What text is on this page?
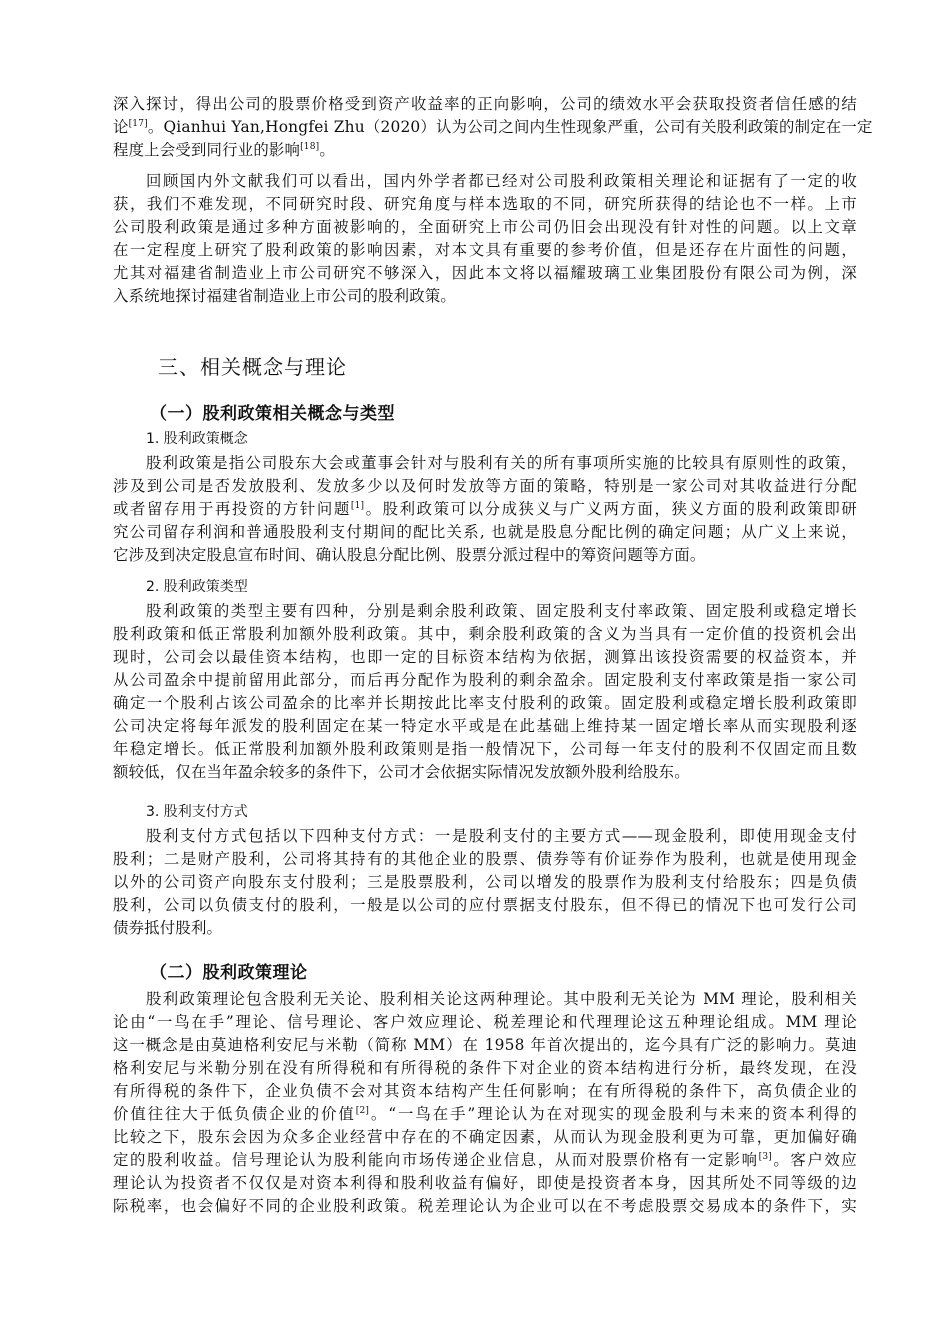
深入探讨，得出公司的股票价格受到资产收益率的正向影响，公司的绩效水平会获取投资者信任感的结
论[17]。Qianhui Yan,Hongfei Zhu（2020）认为公司之间内生性现象严重，公司有关股利政策的制定在一定
程度上会受到同行业的影响[18]。
回顾国内外文献我们可以看出，国内外学者都已经对公司股利政策相关理论和证据有了一定的收
获，我们不难发现，不同研究时段、研究角度与样本选取的不同，研究所获得的结论也不一样。上市
公司股利政策是通过多种方面被影响的，全面研究上市公司仍旧会出现没有针对性的问题。以上文章
在一定程度上研究了股利政策的影响因素，对本文具有重要的参考价值，但是还存在片面性的问题，
尤其对福建省制造业上市公司研究不够深入，因此本文将以福耀玻璃工业集团股份有限公司为例，深
入系统地探讨福建省制造业上市公司的股利政策。
三、相关概念与理论
（一）股利政策相关概念与类型
1. 股利政策概念
股利政策是指公司股东大会或董事会针对与股利有关的所有事项所实施的比较具有原则性的政策，
涉及到公司是否发放股利、发放多少以及何时发放等方面的策略，特别是一家公司对其收益进行分配
或者留存用于再投资的方针问题[1]。股利政策可以分成狭义与广义两方面，狭义方面的股利政策即研
究公司留存利润和普通股股利支付期间的配比关系, 也就是股息分配比例的确定问题；从广义上来说，
它涉及到决定股息宣布时间、确认股息分配比例、股票分派过程中的筹资问题等方面。
2. 股利政策类型
股利政策的类型主要有四种，分别是剩余股利政策、固定股利支付率政策、固定股利或稳定增长
股利政策和低正常股利加额外股利政策。其中，剩余股利政策的含义为当具有一定价值的投资机会出
现时，公司会以最佳资本结构，也即一定的目标资本结构为依据，测算出该投资需要的权益资本，并
从公司盈余中提前留用此部分，而后再分配作为股利的剩余盈余。固定股利支付率政策是指一家公司
确定一个股利占该公司盈余的比率并长期按此比率支付股利的政策。固定股利或稳定增长股利政策即
公司决定将每年派发的股利固定在某一特定水平或是在此基础上维持某一固定增长率从而实现股利逐
年稳定增长。低正常股利加额外股利政策则是指一般情况下，公司每一年支付的股利不仅固定而且数
额较低，仅在当年盈余较多的条件下，公司才会依据实际情况发放额外股利给股东。
3. 股利支付方式
股利支付方式包括以下四种支付方式：一是股利支付的主要方式——现金股利，即使用现金支付
股利；二是财产股利，公司将其持有的其他企业的股票、债券等有价证券作为股利，也就是使用现金
以外的公司资产向股东支付股利；三是股票股利，公司以增发的股票作为股利支付给股东；四是负债
股利，公司以负债支付的股利，一般是以公司的应付票据支付股东，但不得已的情况下也可发行公司
债券抵付股利。
（二）股利政策理论
股利政策理论包含股利无关论、股利相关论这两种理论。其中股利无关论为 MM 理论，股利相关
论由“一鸟在手”理论、信号理论、客户效应理论、税差理论和代理理论这五种理论组成。MM 理论
这一概念是由莫迪格利安尼与米勒（简称 MM）在 1958 年首次提出的，迄今具有广泛的影响力。莫迪
格利安尼与米勒分别在没有所得税和有所得税的条件下对企业的资本结构进行分析，最终发现，在没
有所得税的条件下，企业负债不会对其资本结构产生任何影响；在有所得税的条件下，高负债企业的
价值往往大于低负债企业的价值[2]。“一鸟在手”理论认为在对现实的现金股利与未来的资本利得的
比较之下，股东会因为众多企业经营中存在的不确定因素，从而认为现金股利更为可靠，更加偏好确
定的股利收益。信号理论认为股利能向市场传递企业信息，从而对股票价格有一定影响[3]。客户效应
理论认为投资者不仅仅是对资本利得和股利收益有偏好，即使是投资者本身，因其所处不同等级的边
际税率，也会偏好不同的企业股利政策。税差理论认为企业可以在不考虑股票交易成本的条件下，实
